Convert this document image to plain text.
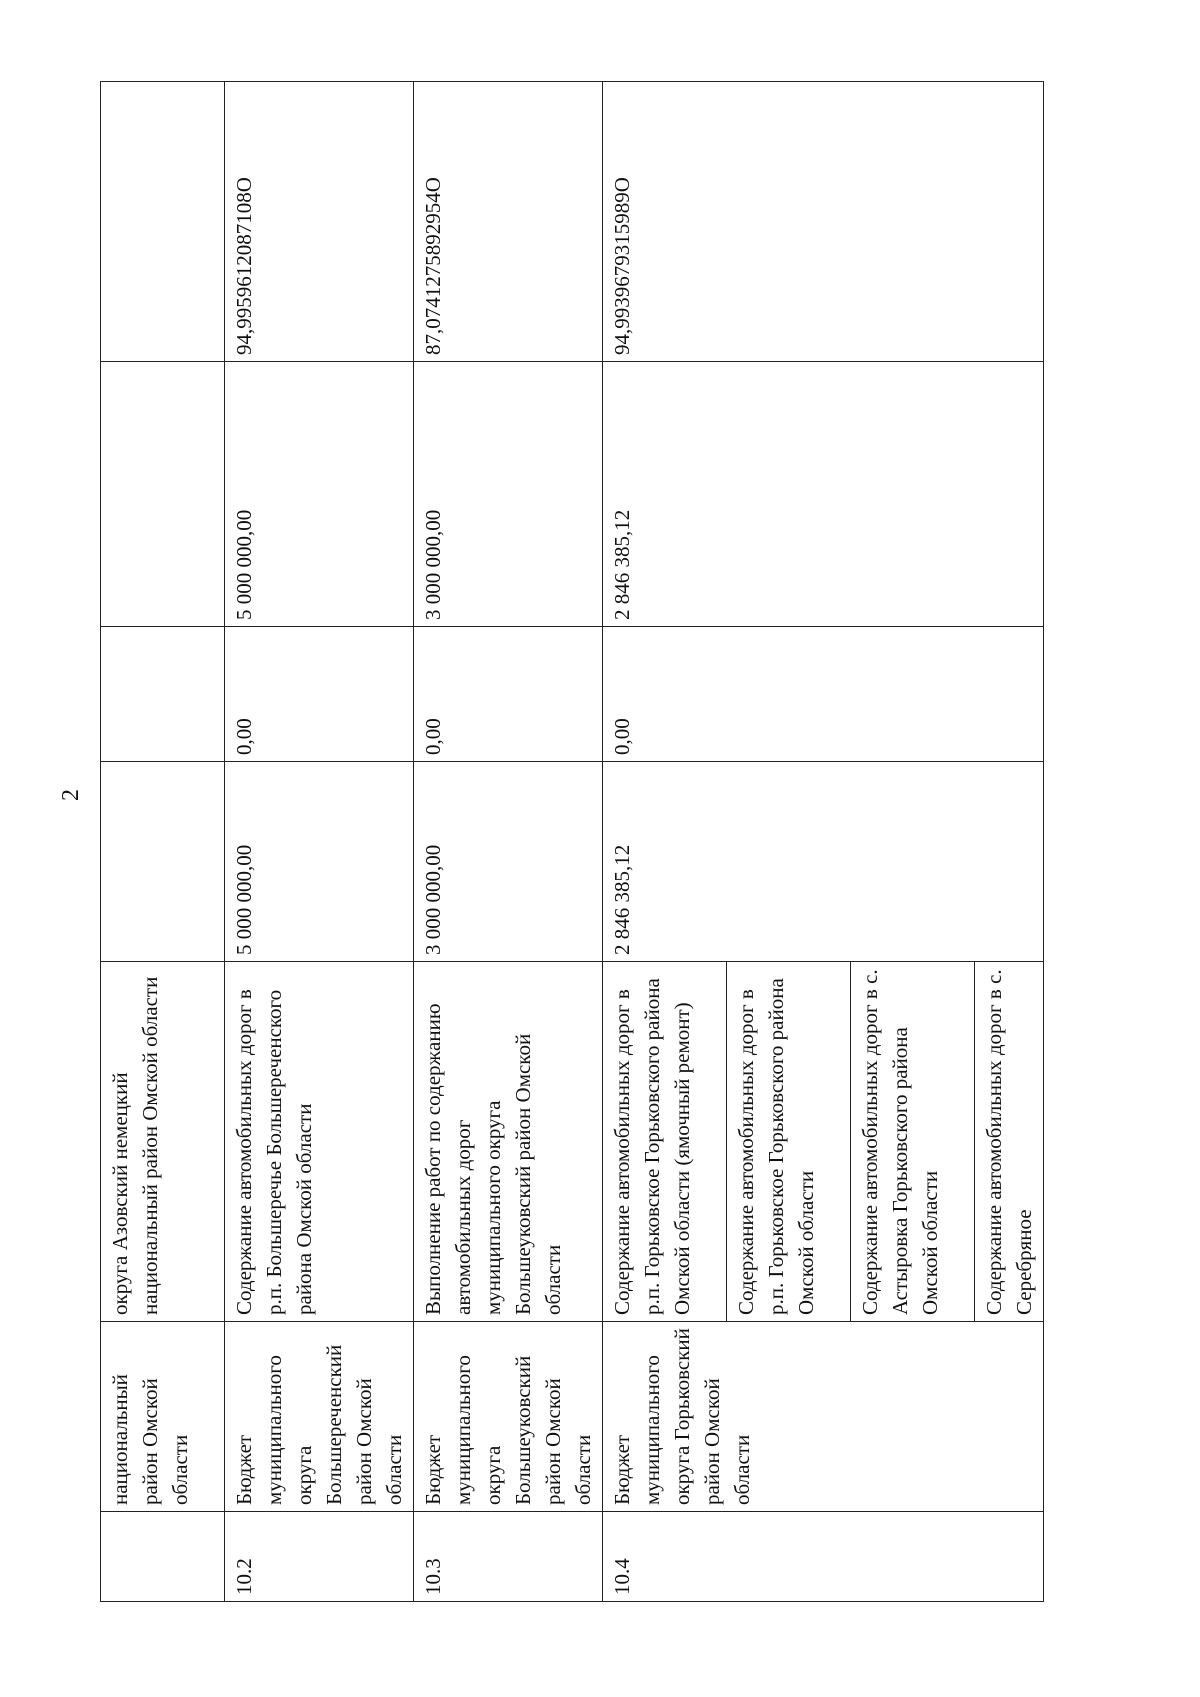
2
	национальный район Омской области	округа Азовский немецкий национальный район Омской области				
10.2	Бюджет муниципального округа Большереченский район Омской области	Содержание автомобильных дорог в р.п. Большеречье Большереченского района Омской области	5 000 000,00	0,00	5 000 000,00	94,9959612087108О
10.3	Бюджет муниципального округа Большеуковский район Омской области	Выполнение работ по содержанию автомобильных дорог муниципального округа Большеуковский район Омской области	3 000 000,00	0,00	3 000 000,00	87,0741275892954О
10.4	Бюджет муниципального округа Горьковский район Омской области	Содержание автомобильных дорог в р.п. Горьковское Горьковского района Омской области (ямочный ремонт)	2 846 385,12	0,00	2 846 385,12	94,9939679315989О
		Содержание автомобильных дорог в р.п. Горьковское Горьковского района Омской области				
		Содержание автомобильных дорог в с. Астыровка Горьковского района Омской области				
		Содержание автомобильных дорог в с. Серебряное				
